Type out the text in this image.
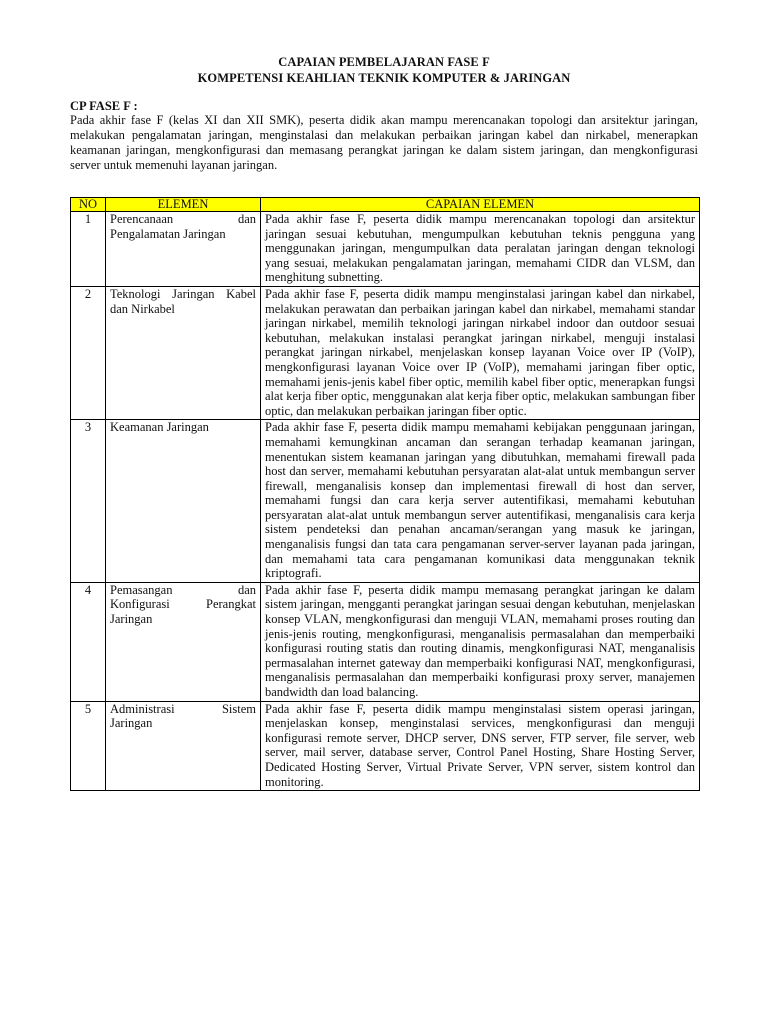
CAPAIAN PEMBELAJARAN FASE F
KOMPETENSI KEAHLIAN TEKNIK KOMPUTER & JARINGAN
CP FASE F :
Pada akhir fase F (kelas XI dan XII SMK), peserta didik akan mampu merencanakan topologi dan arsitektur jaringan, melakukan pengalamatan jaringan, menginstalasi dan melakukan perbaikan jaringan kabel dan nirkabel, menerapkan keamanan jaringan, mengkonfigurasi dan memasang perangkat jaringan ke dalam sistem jaringan, dan mengkonfigurasi server untuk memenuhi layanan jaringan.
NO	ELEMEN	CAPAIAN ELEMEN
1	Perencanaan dan Pengalamatan Jaringan	Pada akhir fase F, peserta didik mampu merencanakan topologi dan arsitektur jaringan sesuai kebutuhan, mengumpulkan kebutuhan teknis pengguna yang menggunakan jaringan, mengumpulkan data peralatan jaringan dengan teknologi yang sesuai, melakukan pengalamatan jaringan, memahami CIDR dan VLSM, dan menghitung subnetting.
2	Teknologi Jaringan Kabel dan Nirkabel	Pada akhir fase F, peserta didik mampu menginstalasi jaringan kabel dan nirkabel, melakukan perawatan dan perbaikan jaringan kabel dan nirkabel, memahami standar jaringan nirkabel, memilih teknologi jaringan nirkabel indoor dan outdoor sesuai kebutuhan, melakukan instalasi perangkat jaringan nirkabel, menguji instalasi perangkat jaringan nirkabel, menjelaskan konsep layanan Voice over IP (VoIP), mengkonfigurasi layanan Voice over IP (VoIP), memahami jaringan fiber optic, memahami jenis-jenis kabel fiber optic, memilih kabel fiber optic, menerapkan fungsi alat kerja fiber optic, menggunakan alat kerja fiber optic, melakukan sambungan fiber optic, dan melakukan perbaikan jaringan fiber optic.
3	Keamanan Jaringan	Pada akhir fase F, peserta didik mampu memahami kebijakan penggunaan jaringan, memahami kemungkinan ancaman dan serangan terhadap keamanan jaringan, menentukan sistem keamanan jaringan yang dibutuhkan, memahami firewall pada host dan server, memahami kebutuhan persyaratan alat-alat untuk membangun server firewall, menganalisis konsep dan implementasi firewall di host dan server, memahami fungsi dan cara kerja server autentifikasi, memahami kebutuhan persyaratan alat-alat untuk membangun server autentifikasi, menganalisis cara kerja sistem pendeteksi dan penahan ancaman/serangan yang masuk ke jaringan, menganalisis fungsi dan tata cara pengamanan server-server layanan pada jaringan, dan memahami tata cara pengamanan komunikasi data menggunakan teknik kriptografi.
4	Pemasangan dan Konfigurasi Perangkat Jaringan	Pada akhir fase F, peserta didik mampu memasang perangkat jaringan ke dalam sistem jaringan, mengganti perangkat jaringan sesuai dengan kebutuhan, menjelaskan konsep VLAN, mengkonfigurasi dan menguji VLAN, memahami proses routing dan jenis-jenis routing, mengkonfigurasi, menganalisis permasalahan dan memperbaiki konfigurasi routing statis dan routing dinamis, mengkonfigurasi NAT, menganalisis permasalahan internet gateway dan memperbaiki konfigurasi NAT, mengkonfigurasi, menganalisis permasalahan dan memperbaiki konfigurasi proxy server, manajemen bandwidth dan load balancing.
5	Administrasi Sistem Jaringan	Pada akhir fase F, peserta didik mampu menginstalasi sistem operasi jaringan, menjelaskan konsep, menginstalasi services, mengkonfigurasi dan menguji konfigurasi remote server, DHCP server, DNS server, FTP server, file server, web server, mail server, database server, Control Panel Hosting, Share Hosting Server, Dedicated Hosting Server, Virtual Private Server, VPN server, sistem kontrol dan monitoring.
